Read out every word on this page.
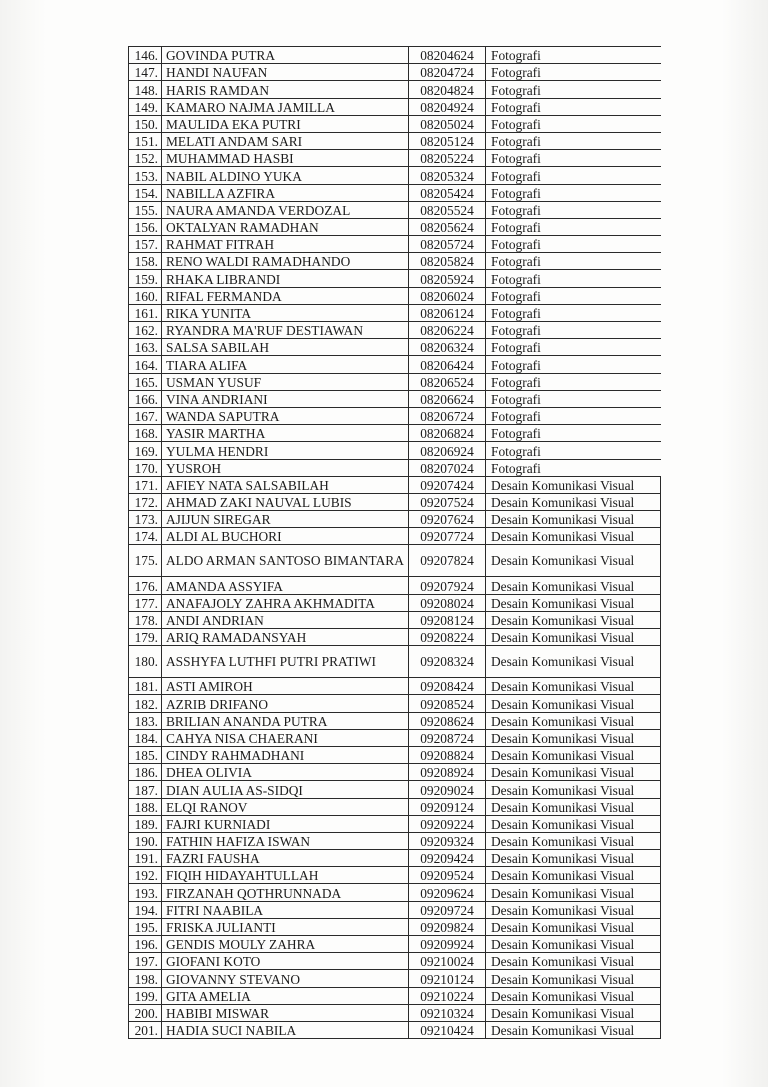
146.	GOVINDA PUTRA	08204624	Fotografi
147.	HANDI NAUFAN	08204724	Fotografi
148.	HARIS RAMDAN	08204824	Fotografi
149.	KAMARO NAJMA JAMILLA	08204924	Fotografi
150.	MAULIDA EKA PUTRI	08205024	Fotografi
151.	MELATI ANDAM SARI	08205124	Fotografi
152.	MUHAMMAD HASBI	08205224	Fotografi
153.	NABIL ALDINO YUKA	08205324	Fotografi
154.	NABILLA AZFIRA	08205424	Fotografi
155.	NAURA AMANDA VERDOZAL	08205524	Fotografi
156.	OKTALYAN RAMADHAN	08205624	Fotografi
157.	RAHMAT FITRAH	08205724	Fotografi
158.	RENO WALDI RAMADHANDO	08205824	Fotografi
159.	RHAKA LIBRANDI	08205924	Fotografi
160.	RIFAL FERMANDA	08206024	Fotografi
161.	RIKA YUNITA	08206124	Fotografi
162.	RYANDRA MA'RUF DESTIAWAN	08206224	Fotografi
163.	SALSA SABILAH	08206324	Fotografi
164.	TIARA ALIFA	08206424	Fotografi
165.	USMAN YUSUF	08206524	Fotografi
166.	VINA ANDRIANI	08206624	Fotografi
167.	WANDA SAPUTRA	08206724	Fotografi
168.	YASIR MARTHA	08206824	Fotografi
169.	YULMA HENDRI	08206924	Fotografi
170.	YUSROH	08207024	Fotografi
171.	AFIEY NATA SALSABILAH	09207424	Desain Komunikasi Visual
172.	AHMAD ZAKI NAUVAL LUBIS	09207524	Desain Komunikasi Visual
173.	AJIJUN SIREGAR	09207624	Desain Komunikasi Visual
174.	ALDI AL BUCHORI	09207724	Desain Komunikasi Visual
175.	ALDO ARMAN SANTOSO BIMANTARA	09207824	Desain Komunikasi Visual
176.	AMANDA ASSYIFA	09207924	Desain Komunikasi Visual
177.	ANAFAJOLY ZAHRA AKHMADITA	09208024	Desain Komunikasi Visual
178.	ANDI ANDRIAN	09208124	Desain Komunikasi Visual
179.	ARIQ RAMADANSYAH	09208224	Desain Komunikasi Visual
180.	ASSHYFA LUTHFI PUTRI PRATIWI	09208324	Desain Komunikasi Visual
181.	ASTI AMIROH	09208424	Desain Komunikasi Visual
182.	AZRIB DRIFANO	09208524	Desain Komunikasi Visual
183.	BRILIAN ANANDA PUTRA	09208624	Desain Komunikasi Visual
184.	CAHYA NISA CHAERANI	09208724	Desain Komunikasi Visual
185.	CINDY RAHMADHANI	09208824	Desain Komunikasi Visual
186.	DHEA OLIVIA	09208924	Desain Komunikasi Visual
187.	DIAN AULIA AS-SIDQI	09209024	Desain Komunikasi Visual
188.	ELQI RANOV	09209124	Desain Komunikasi Visual
189.	FAJRI KURNIADI	09209224	Desain Komunikasi Visual
190.	FATHIN HAFIZA ISWAN	09209324	Desain Komunikasi Visual
191.	FAZRI FAUSHA	09209424	Desain Komunikasi Visual
192.	FIQIH HIDAYAHTULLAH	09209524	Desain Komunikasi Visual
193.	FIRZANAH QOTHRUNNADA	09209624	Desain Komunikasi Visual
194.	FITRI NAABILA	09209724	Desain Komunikasi Visual
195.	FRISKA JULIANTI	09209824	Desain Komunikasi Visual
196.	GENDIS MOULY ZAHRA	09209924	Desain Komunikasi Visual
197.	GIOFANI KOTO	09210024	Desain Komunikasi Visual
198.	GIOVANNY STEVANO	09210124	Desain Komunikasi Visual
199.	GITA AMELIA	09210224	Desain Komunikasi Visual
200.	HABIBI MISWAR	09210324	Desain Komunikasi Visual
201.	HADIA SUCI NABILA	09210424	Desain Komunikasi Visual
